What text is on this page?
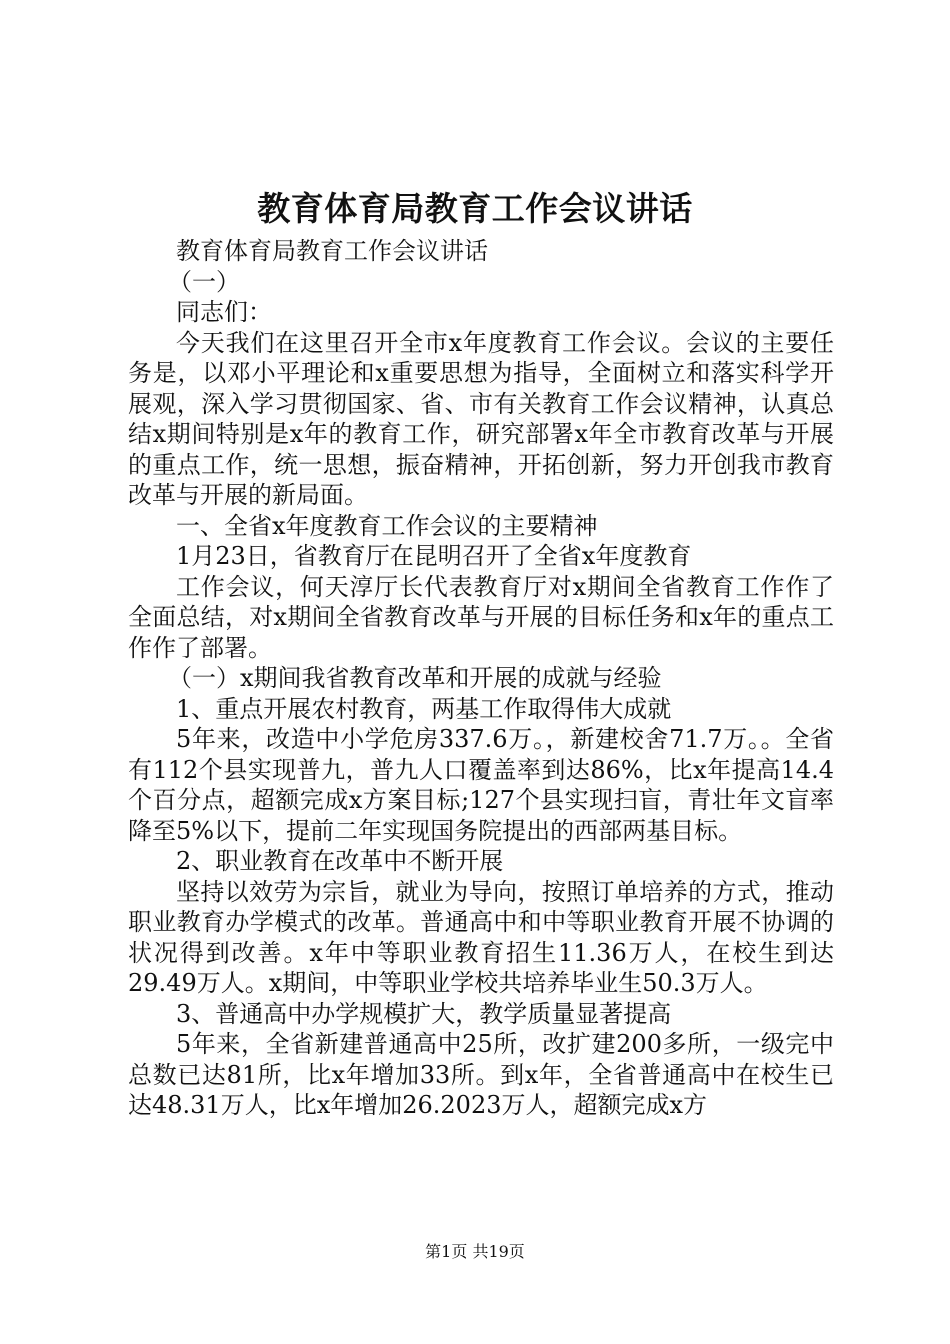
教育体育局教育工作会议讲话

教育体育局教育工作会议讲话

（一）

同志们：

今天我们在这里召开全市x年度教育工作会议。会议的主要任务是，以邓小平理论和x重要思想为指导，全面树立和落实科学开展观，深入学习贯彻国家、省、市有关教育工作会议精神，认真总结x期间特别是x年的教育工作，研究部署x年全市教育改革与开展的重点工作，统一思想，振奋精神，开拓创新，努力开创我市教育改革与开展的新局面。

一、全省x年度教育工作会议的主要精神

1月23日，省教育厅在昆明召开了全省x年度教育

工作会议，何天淳厅长代表教育厅对x期间全省教育工作作了全面总结，对x期间全省教育改革与开展的目标任务和x年的重点工作作了部署。

（一）x期间我省教育改革和开展的成就与经验

1、重点开展农村教育，两基工作取得伟大成就

5年来，改造中小学危房337.6万。，新建校舍71.7万。。全省有112个县实现普九，普九人口覆盖率到达86%，比x年提高14.4个百分点，超额完成x方案目标;127个县实现扫盲，青壮年文盲率降至5%以下，提前二年实现国务院提出的西部两基目标。

2、职业教育在改革中不断开展

坚持以效劳为宗旨，就业为导向，按照订单培养的方式，推动职业教育办学模式的改革。普通高中和中等职业教育开展不协调的状况得到改善。x年中等职业教育招生11.36万人，在校生到达29.49万人。x期间，中等职业学校共培养毕业生50.3万人。

3、普通高中办学规模扩大，教学质量显著提高

5年来，全省新建普通高中25所，改扩建200多所，一级完中总数已达81所，比x年增加33所。到x年，全省普通高中在校生已达48.31万人，比x年增加26.2023万人，超额完成x方

第1页 共19页
